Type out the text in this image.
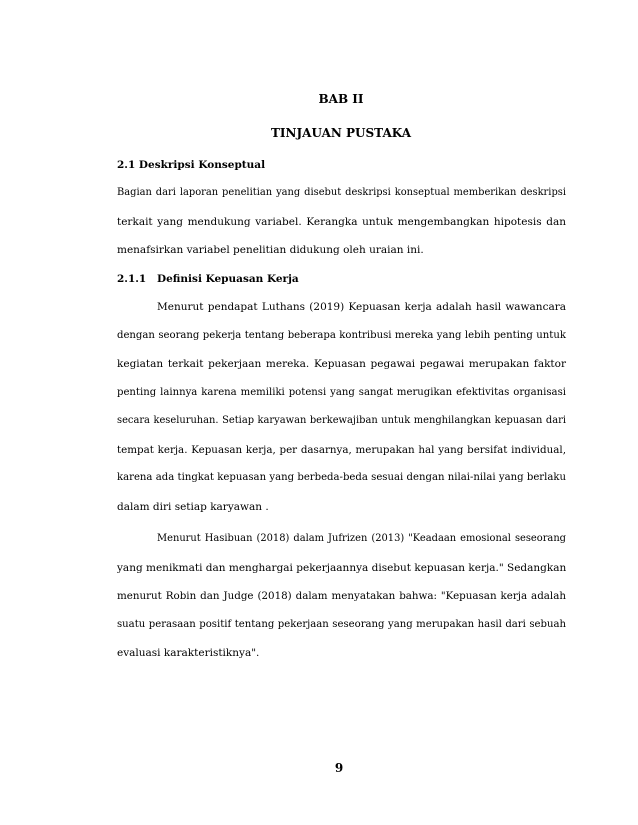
BAB II
TINJAUAN PUSTAKA
2.1 Deskripsi Konseptual
Bagian dari laporan penelitian yang disebut deskripsi konseptual memberikan deskripsi
terkait yang mendukung variabel. Kerangka untuk mengembangkan hipotesis dan
menafsirkan variabel penelitian didukung oleh uraian ini.
2.1.1 Definisi Kepuasan Kerja
Menurut pendapat Luthans (2019) Kepuasan kerja adalah hasil wawancara
dengan seorang pekerja tentang beberapa kontribusi mereka yang lebih penting untuk
kegiatan terkait pekerjaan mereka. Kepuasan pegawai pegawai merupakan faktor
penting lainnya karena memiliki potensi yang sangat merugikan efektivitas organisasi
secara keseluruhan. Setiap karyawan berkewajiban untuk menghilangkan kepuasan dari
tempat kerja. Kepuasan kerja, per dasarnya, merupakan hal yang bersifat individual,
karena ada tingkat kepuasan yang berbeda-beda sesuai dengan nilai-nilai yang berlaku
dalam diri setiap karyawan .
Menurut Hasibuan (2018) dalam Jufrizen (2013) "Keadaan emosional seseorang
yang menikmati dan menghargai pekerjaannya disebut kepuasan kerja." Sedangkan
menurut Robin dan Judge (2018) dalam menyatakan bahwa: "Kepuasan kerja adalah
suatu perasaan positif tentang pekerjaan seseorang yang merupakan hasil dari sebuah
evaluasi karakteristiknya".
9
